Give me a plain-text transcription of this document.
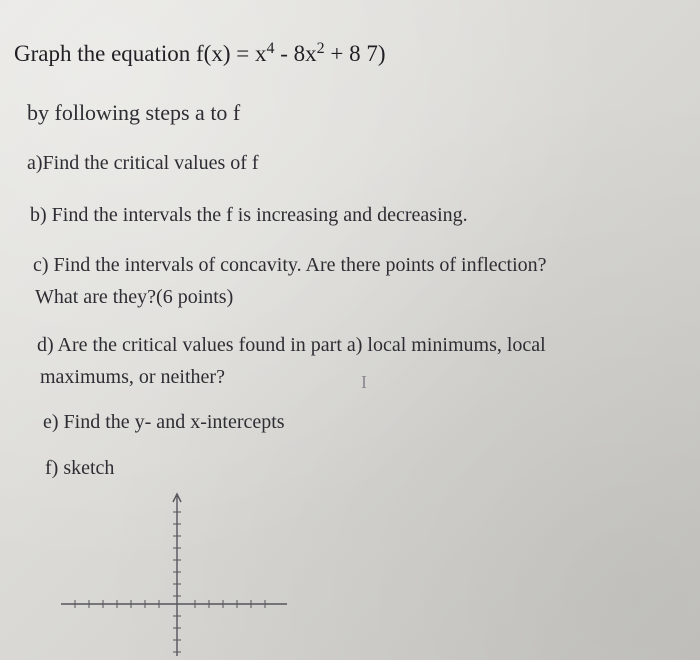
Graph the equation $f(x) = x^4 - 8x^2 + 8$ 7)
by following steps a to f
a)Find the critical values of f
b) Find the intervals the f is increasing and decreasing.
c) Find the intervals of concavity. Are there points of inflection?
What are they?(6 points)
d) Are the critical values found in part a) local minimums, local
maximums, or neither?	I
e) Find the y- and x-intercepts
f) sketch
